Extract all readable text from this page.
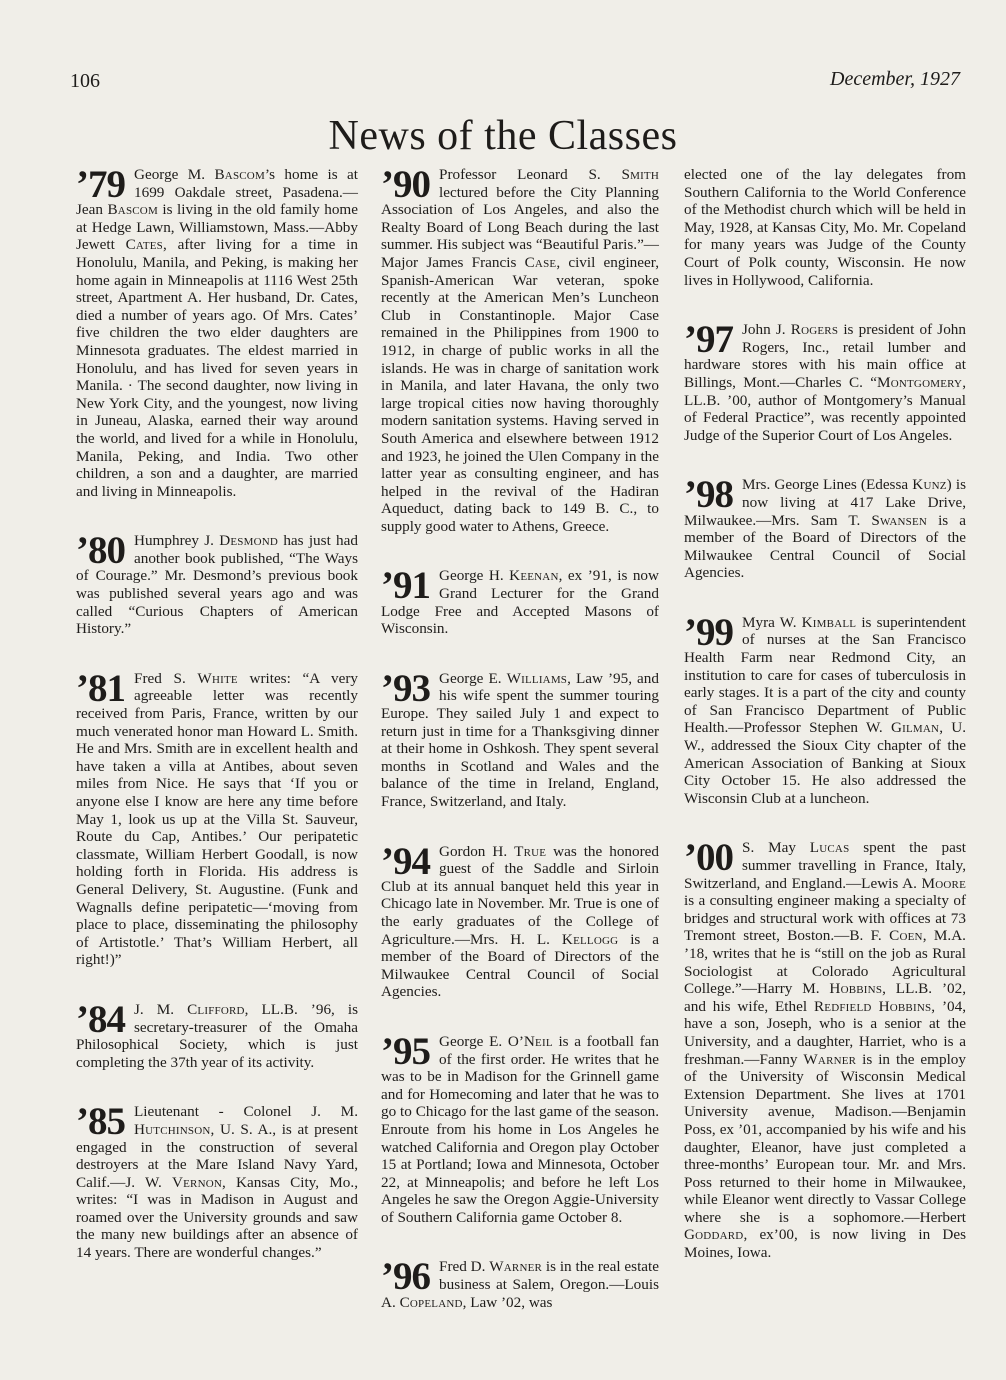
106	December, 1927
News of the Classes

’79 George M. Bascom’s home is at 1699 Oakdale street, Pasadena.—Jean Bascom is living in the old family home at Hedge Lawn, Williamstown, Mass.—Abby Jewett Cates, after living for a time in Honolulu, Manila, and Peking, is making her home again in Minneapolis at 1116 West 25th street, Apartment A. Her husband, Dr. Cates, died a number of years ago. Of Mrs. Cates’ five children the two elder daughters are Minnesota graduates. The eldest married in Honolulu, and has lived for seven years in Manila. · The second daughter, now living in New York City, and the youngest, now living in Juneau, Alaska, earned their way around the world, and lived for a while in Honolulu, Manila, Peking, and India. Two other children, a son and a daughter, are married and living in Minneapolis.

’80 Humphrey J. Desmond has just had another book published, “The Ways of Courage.” Mr. Desmond’s previous book was published several years ago and was called “Curious Chapters of American History.”

’81 Fred S. White writes: “A very agreeable letter was recently received from Paris, France, written by our much venerated honor man Howard L. Smith. He and Mrs. Smith are in excellent health and have taken a villa at Antibes, about seven miles from Nice. He says that ‘If you or anyone else I know are here any time before May 1, look us up at the Villa St. Sauveur, Route du Cap, Antibes.’ Our peripatetic classmate, William Herbert Goodall, is now holding forth in Florida. His address is General Delivery, St. Augustine. (Funk and Wagnalls define peripatetic—‘moving from place to place, disseminating the philosophy of Artistotle.’ That’s William Herbert, all right!)”

’84 J. M. Clifford, LL.B. ’96, is secretary-treasurer of the Omaha Philosophical Society, which is just completing the 37th year of its activity.

’85 Lieutenant - Colonel J. M. Hutchinson, U. S. A., is at present engaged in the construction of several destroyers at the Mare Island Navy Yard, Calif.—J. W. Vernon, Kansas City, Mo., writes: “I was in Madison in August and roamed over the University grounds and saw the many new buildings after an absence of 14 years. There are wonderful changes.”

’90 Professor Leonard S. Smith lectured before the City Planning Association of Los Angeles, and also the Realty Board of Long Beach during the last summer. His subject was “Beautiful Paris.”—Major James Francis Case, civil engineer, Spanish-American War veteran, spoke recently at the American Men’s Luncheon Club in Constantinople. Major Case remained in the Philippines from 1900 to 1912, in charge of public works in all the islands. He was in charge of sanitation work in Manila, and later Havana, the only two large tropical cities now having thoroughly modern sanitation systems. Having served in South America and elsewhere between 1912 and 1923, he joined the Ulen Company in the latter year as consulting engineer, and has helped in the revival of the Hadiran Aqueduct, dating back to 149 B. C., to supply good water to Athens, Greece.

’91 George H. Keenan, ex ’91, is now Grand Lecturer for the Grand Lodge Free and Accepted Masons of Wisconsin.

’93 George E. Williams, Law ’95, and his wife spent the summer touring Europe. They sailed July 1 and expect to return just in time for a Thanksgiving dinner at their home in Oshkosh. They spent several months in Scotland and Wales and the balance of the time in Ireland, England, France, Switzerland, and Italy.

’94 Gordon H. True was the honored guest of the Saddle and Sirloin Club at its annual banquet held this year in Chicago late in November. Mr. True is one of the early graduates of the College of Agriculture.—Mrs. H. L. Kellogg is a member of the Board of Directors of the Milwaukee Central Council of Social Agencies.

’95 George E. O’Neil is a football fan of the first order. He writes that he was to be in Madison for the Grinnell game and for Homecoming and later that he was to go to Chicago for the last game of the season. Enroute from his home in Los Angeles he watched California and Oregon play October 15 at Portland; Iowa and Minnesota, October 22, at Minneapolis; and before he left Los Angeles he saw the Oregon Aggie-University of Southern California game October 8.

’96 Fred D. Warner is in the real estate business at Salem, Oregon.—Louis A. Copeland, Law ’02, was

elected one of the lay delegates from Southern California to the World Conference of the Methodist church which will be held in May, 1928, at Kansas City, Mo. Mr. Copeland for many years was Judge of the County Court of Polk county, Wisconsin. He now lives in Hollywood, California.

’97 John J. Rogers is president of John Rogers, Inc., retail lumber and hardware stores with his main office at Billings, Mont.—Charles C. “Montgomery, LL.B. ’00, author of Montgomery’s Manual of Federal Practice”, was recently appointed Judge of the Superior Court of Los Angeles.

’98 Mrs. George Lines (Edessa Kunz) is now living at 417 Lake Drive, Milwaukee.—Mrs. Sam T. Swansen is a member of the Board of Directors of the Milwaukee Central Council of Social Agencies.

’99 Myra W. Kimball is superintendent of nurses at the San Francisco Health Farm near Redmond City, an institution to care for cases of tuberculosis in early stages. It is a part of the city and county of San Francisco Department of Public Health.—Professor Stephen W. Gilman, U. W., addressed the Sioux City chapter of the American Association of Banking at Sioux City October 15. He also addressed the Wisconsin Club at a luncheon.

’00 S. May Lucas spent the past summer travelling in France, Italy, Switzerland, and England.—Lewis A. Moore is a consulting engineer making a specialty of bridges and structural work with offices at 73 Tremont street, Boston.—B. F. Coen, M.A. ’18, writes that he is “still on the job as Rural Sociologist at Colorado Agricultural College.”—Harry M. Hobbins, LL.B. ’02, and his wife, Ethel Redfield Hobbins, ’04, have a son, Joseph, who is a senior at the University, and a daughter, Harriet, who is a freshman.—Fanny Warner is in the employ of the University of Wisconsin Medical Extension Department. She lives at 1701 University avenue, Madison.—Benjamin Poss, ex ’01, accompanied by his wife and his daughter, Eleanor, have just completed a three-months’ European tour. Mr. and Mrs. Poss returned to their home in Milwaukee, while Eleanor went directly to Vassar College where she is a sophomore.—Herbert Goddard, ex’00, is now living in Des Moines, Iowa.
